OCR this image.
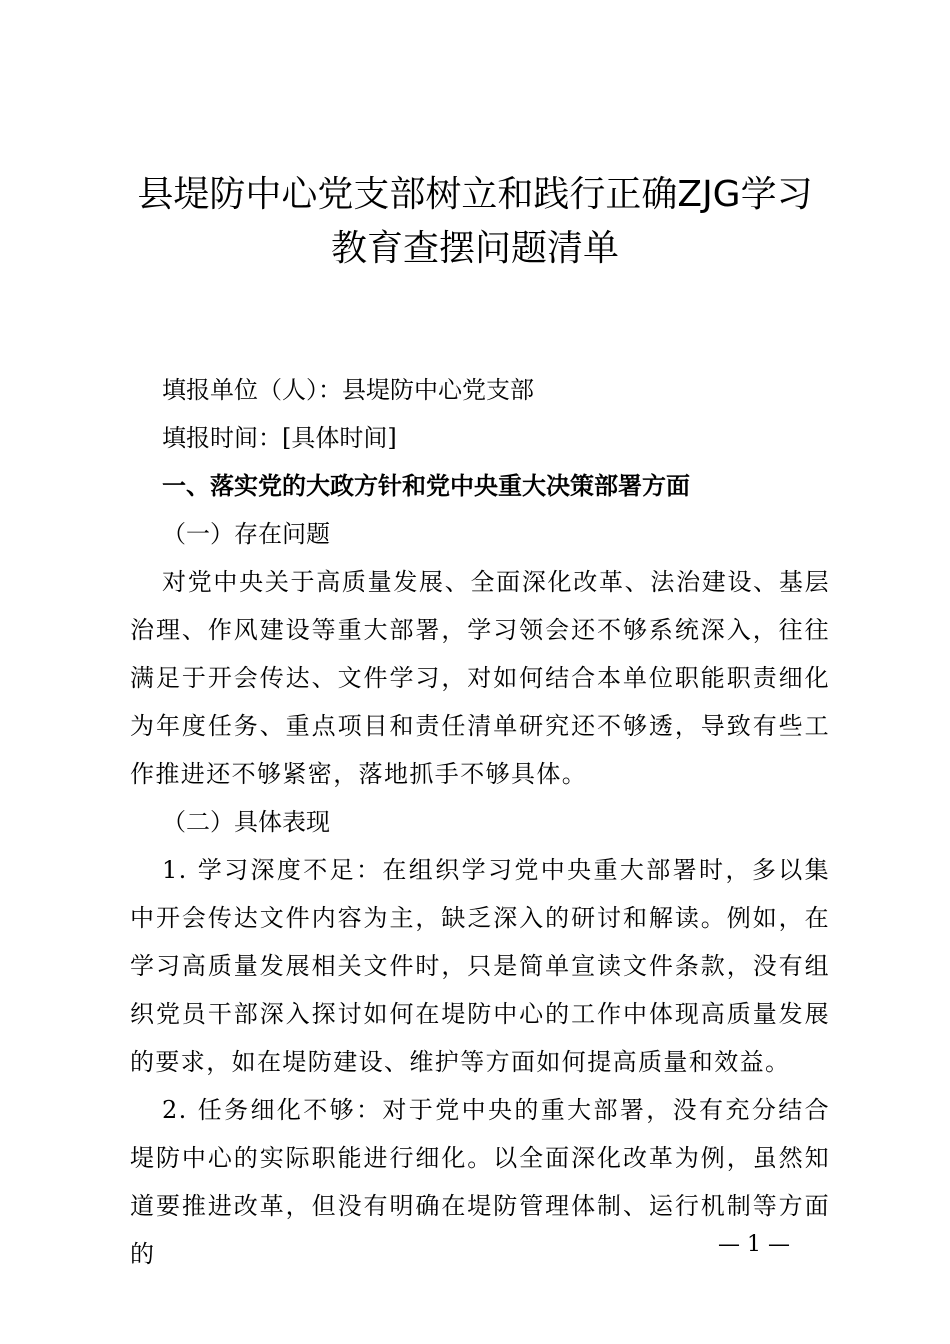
县堤防中心党支部树立和践行正确ZJG学习
教育查摆问题清单
填报单位（人）：县堤防中心党支部
填报时间：[具体时间]
一、落实党的大政方针和党中央重大决策部署方面
（一）存在问题
对党中央关于高质量发展、全面深化改革、法治建设、基层治理、作风建设等重大部署，学习领会还不够系统深入，往往满足于开会传达、文件学习，对如何结合本单位职能职责细化为年度任务、重点项目和责任清单研究还不够透，导致有些工作推进还不够紧密，落地抓手不够具体。
（二）具体表现
1. 学习深度不足：在组织学习党中央重大部署时，多以集中开会传达文件内容为主，缺乏深入的研讨和解读。例如，在学习高质量发展相关文件时，只是简单宣读文件条款，没有组织党员干部深入探讨如何在堤防中心的工作中体现高质量发展的要求，如在堤防建设、维护等方面如何提高质量和效益。
2. 任务细化不够：对于党中央的重大部署，没有充分结合堤防中心的实际职能进行细化。以全面深化改革为例，虽然知道要推进改革，但没有明确在堤防管理体制、运行机制等方面的	— 1 —
